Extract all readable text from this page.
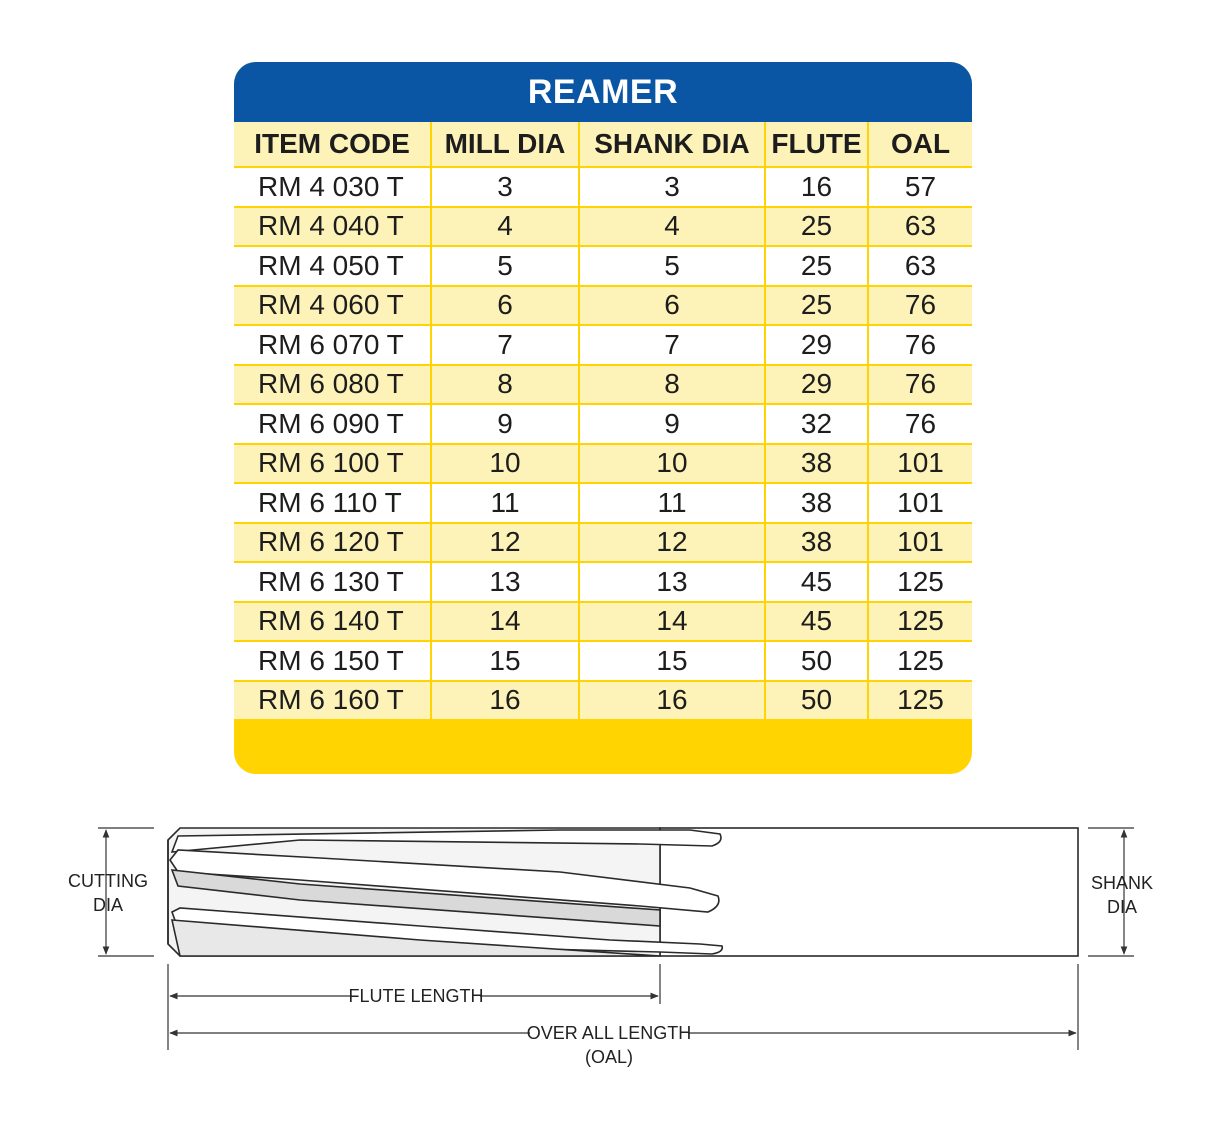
REAMER
ITEM CODE	MILL DIA	SHANK DIA	FLUTE	OAL
RM 4 030 T	3	3	16	57
RM 4 040 T	4	4	25	63
RM 4 050 T	5	5	25	63
RM 4 060 T	6	6	25	76
RM 6 070 T	7	7	29	76
RM 6 080 T	8	8	29	76
RM 6 090 T	9	9	32	76
RM 6 100 T	10	10	38	101
RM 6 110 T	11	11	38	101
RM 6 120 T	12	12	38	101
RM 6 130 T	13	13	45	125
RM 6 140 T	14	14	45	125
RM 6 150 T	15	15	50	125
RM 6 160 T	16	16	50	125
CUTTING
DIA
SHANK
DIA
FLUTE LENGTH
OVER ALL LENGTH
(OAL)
